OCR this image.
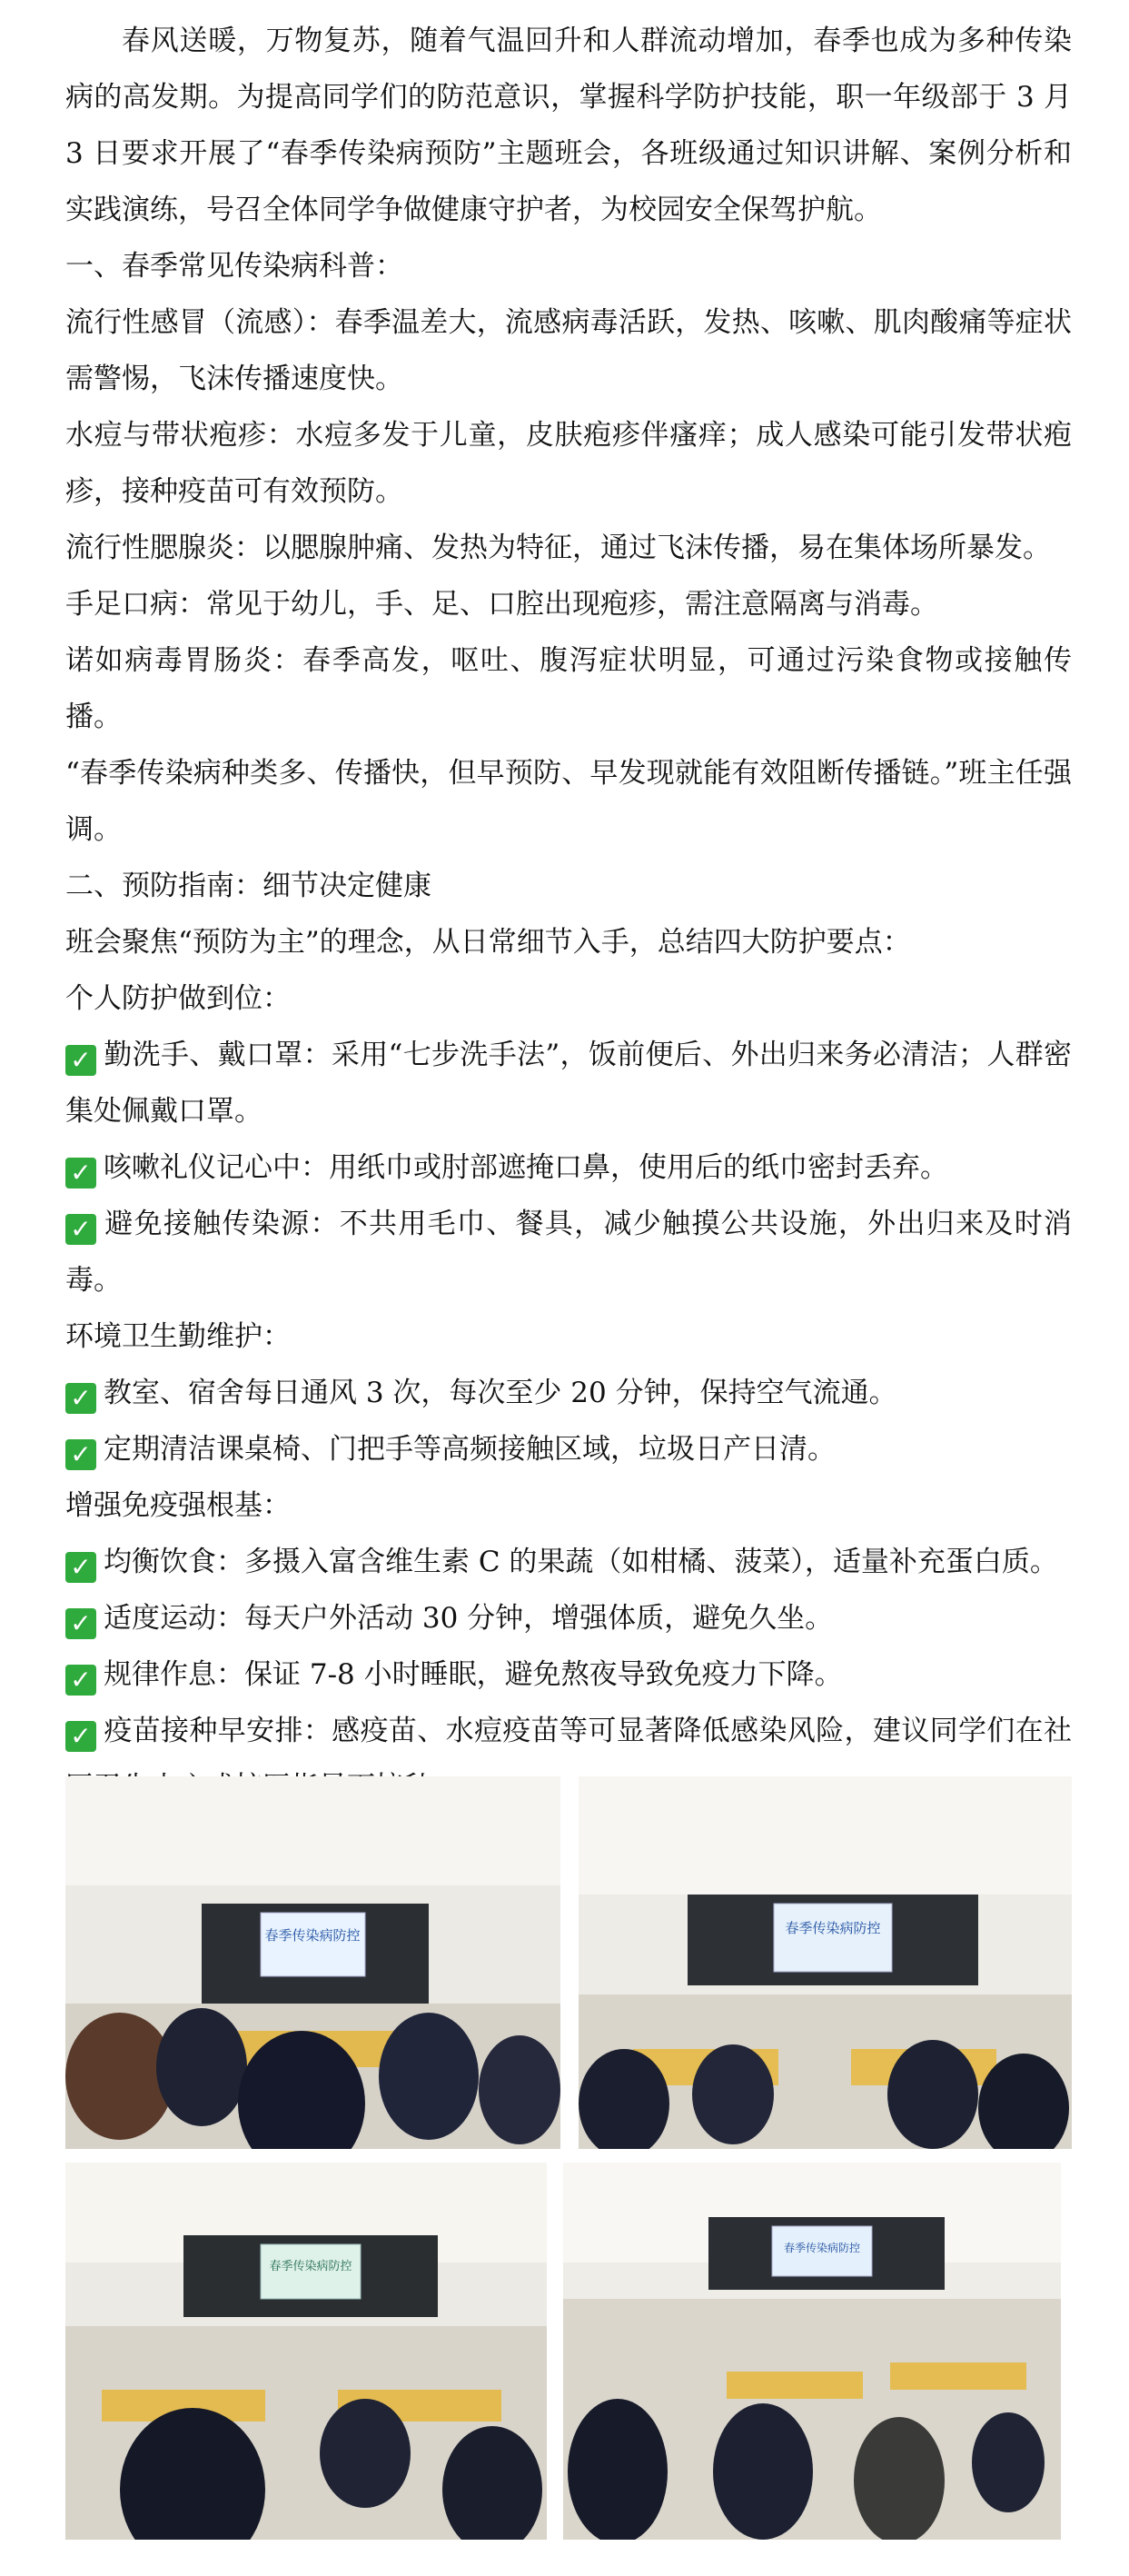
春风送暖，万物复苏，随着气温回升和人群流动增加，春季也成为多种传染病的高发期。为提高同学们的防范意识，掌握科学防护技能，职一年级部于 3 月 3 日要求开展了“春季传染病预防”主题班会，各班级通过知识讲解、案例分析和实践演练，号召全体同学争做健康守护者，为校园安全保驾护航。

一、春季常见传染病科普：

流行性感冒（流感）：春季温差大，流感病毒活跃，发热、咳嗽、肌肉酸痛等症状需警惕，飞沫传播速度快。

水痘与带状疱疹：水痘多发于儿童，皮肤疱疹伴瘙痒；成人感染可能引发带状疱疹，接种疫苗可有效预防。

流行性腮腺炎：以腮腺肿痛、发热为特征，通过飞沫传播，易在集体场所暴发。

手足口病：常见于幼儿，手、足、口腔出现疱疹，需注意隔离与消毒。

诺如病毒胃肠炎：春季高发，呕吐、腹泻症状明显，可通过污染食物或接触传播。

“春季传染病种类多、传播快，但早预防、早发现就能有效阻断传播链。”班主任强调。

二、预防指南：细节决定健康

班会聚焦“预防为主”的理念，从日常细节入手，总结四大防护要点：

个人防护做到位：

✓ 勤洗手、戴口罩：采用“七步洗手法”，饭前便后、外出归来务必清洁；人群密集处佩戴口罩。

✓ 咳嗽礼仪记心中：用纸巾或肘部遮掩口鼻，使用后的纸巾密封丢弃。

✓ 避免接触传染源：不共用毛巾、餐具，减少触摸公共设施，外出归来及时消毒。

环境卫生勤维护：

✓ 教室、宿舍每日通风 3 次，每次至少 20 分钟，保持空气流通。

✓ 定期清洁课桌椅、门把手等高频接触区域，垃圾日产日清。

增强免疫强根基：

✓ 均衡饮食：多摄入富含维生素 C 的果蔬（如柑橘、菠菜），适量补充蛋白质。

✓ 适度运动：每天户外活动 30 分钟，增强体质，避免久坐。

✓ 规律作息：保证 7-8 小时睡眠，避免熬夜导致免疫力下降。

✓ 疫苗接种早安排：感疫苗、水痘疫苗等可显著降低感染风险，建议同学们在社

春季传染病防控	春季传染病防控
春季传染病防控
春季传染病防控
